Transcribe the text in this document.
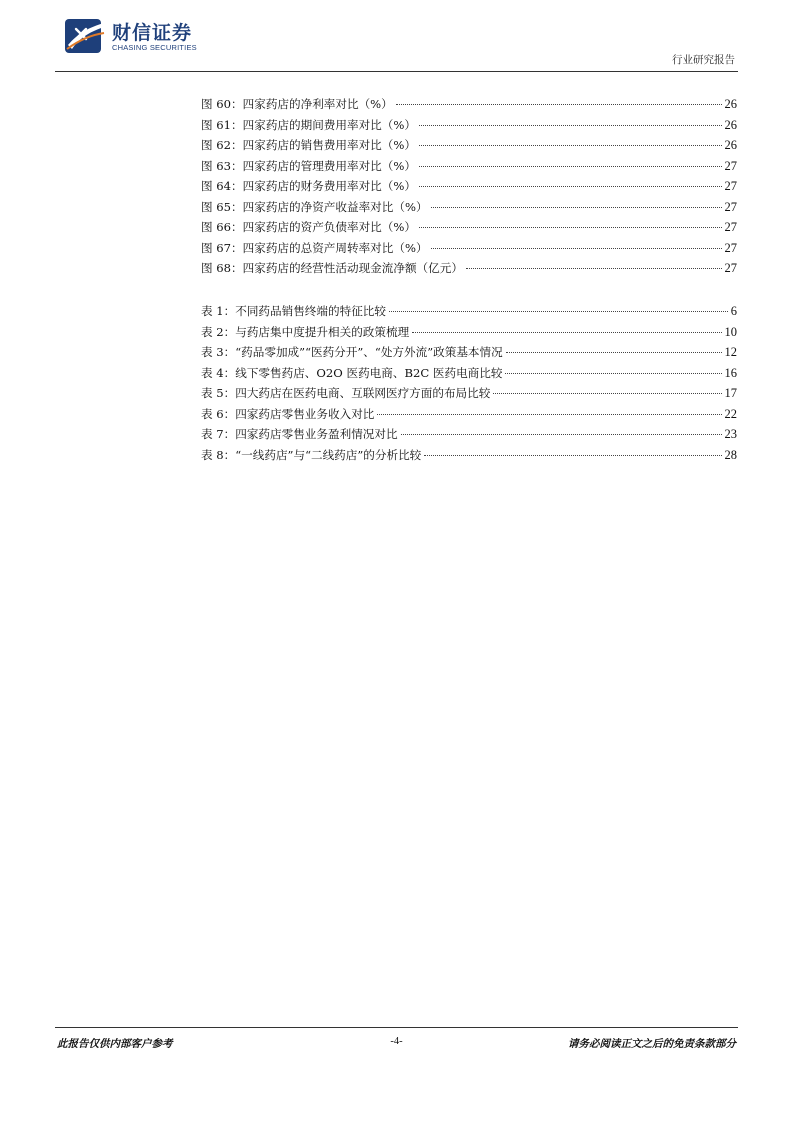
财信证券
CHASING SECURITIES
行业研究报告
图 60：四家药店的净利率对比（%）	26
图 61：四家药店的期间费用率对比（%）	26
图 62：四家药店的销售费用率对比（%）	26
图 63：四家药店的管理费用率对比（%）	27
图 64：四家药店的财务费用率对比（%）	27
图 65：四家药店的净资产收益率对比（%）	27
图 66：四家药店的资产负债率对比（%）	27
图 67：四家药店的总资产周转率对比（%）	27
图 68：四家药店的经营性活动现金流净额（亿元）	27
表 1：不同药品销售终端的特征比较	6
表 2：与药店集中度提升相关的政策梳理	10
表 3：“药品零加成”“医药分开”、“处方外流”政策基本情况	12
表 4：线下零售药店、O2O 医药电商、B2C 医药电商比较	16
表 5：四大药店在医药电商、互联网医疗方面的布局比较	17
表 6：四家药店零售业务收入对比	22
表 7：四家药店零售业务盈利情况对比	23
表 8：“一线药店”与“二线药店”的分析比较	28
此报告仅供内部客户参考	-4-	请务必阅读正文之后的免责条款部分
